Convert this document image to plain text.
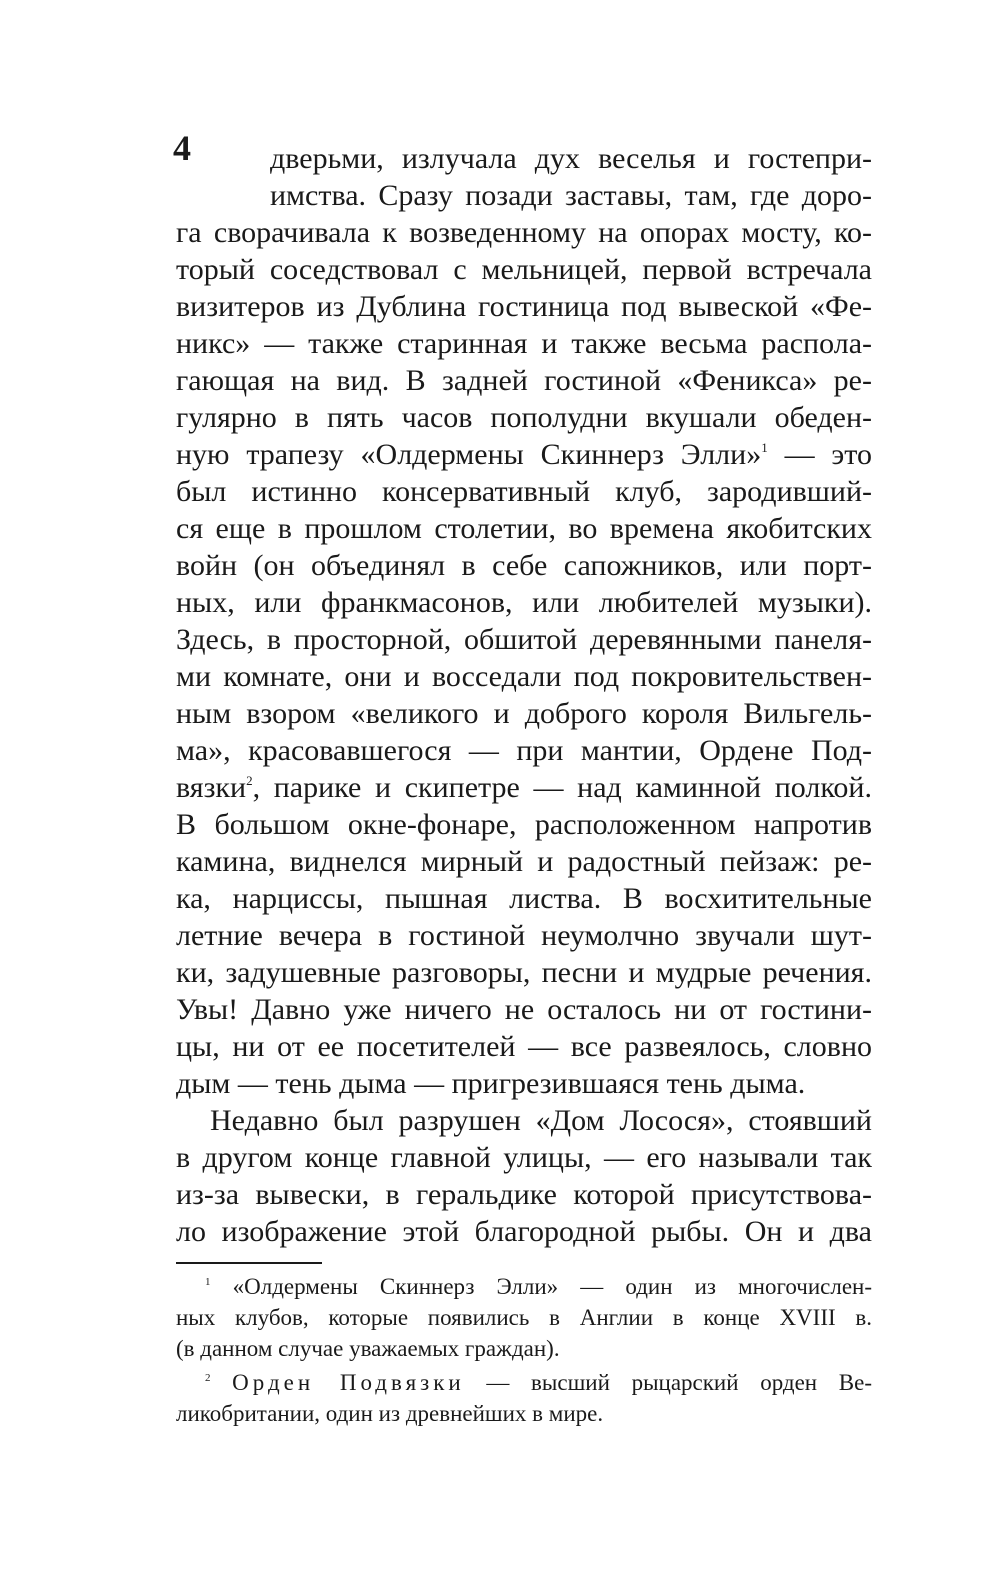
4	дверьми, излучала дух веселья и гостепри-
имства. Сразу позади заставы, там, где доро-
га сворачивала к возведенному на опорах мосту, ко-
торый соседствовал с мельницей, первой встречала
визитеров из Дублина гостиница под вывеской «Фе-
никс» — также старинная и также весьма распола-
гающая на вид. В задней гостиной «Феникса» ре-
гулярно в пять часов пополудни вкушали обеден-
ную трапезу «Олдермены Скиннерз Элли»$^1$ — это
был истинно консервативный клуб, зародивший-
ся еще в прошлом столетии, во времена якобитских
войн (он объединял в себе сапожников, или порт-
ных, или франкмасонов, или любителей музыки).
Здесь, в просторной, обшитой деревянными панеля-
ми комнате, они и восседали под покровительствен-
ным взором «великого и доброго короля Вильгель-
ма», красовавшегося — при мантии, Ордене Под-
вязки$^2$, парике и скипетре — над каминной полкой.
В большом окне-фонаре, расположенном напротив
камина, виднелся мирный и радостный пейзаж: ре-
ка, нарциссы, пышная листва. В восхитительные
летние вечера в гостиной неумолчно звучали шут-
ки, задушевные разговоры, песни и мудрые речения.
Увы! Давно уже ничего не осталось ни от гостини-
цы, ни от ее посетителей — все развеялось, словно
дым — тень дыма — пригрезившаяся тень дыма.
Недавно был разрушен «Дом Лосося», стоявший
в другом конце главной улицы, — его называли так
из-за вывески, в геральдике которой присутствова-
ло изображение этой благородной рыбы. Он и два
$^1$ «Олдермены Скиннерз Элли» — один из многочислен-
ных клубов, которые появились в Англии в конце XVIII в.
(в данном случае уважаемых граждан).
$^2$ Орден Подвязки — высший рыцарский орден Ве-
ликобритании, один из древнейших в мире.
